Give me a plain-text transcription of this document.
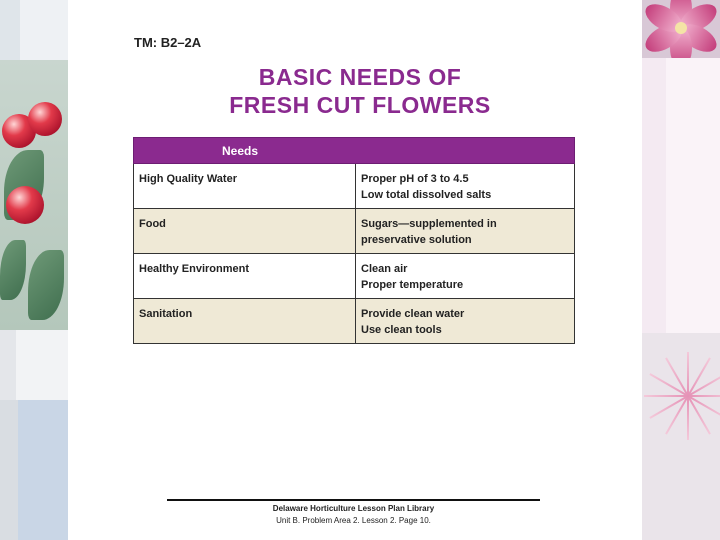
TM: B2–2A
BASIC NEEDS OF
FRESH CUT FLOWERS
Needs	
High Quality Water	Proper pH of 3 to 4.5
Low total dissolved salts

Food	Sugars—supplemented in
preservative solution

Healthy Environment	Clean air
Proper temperature

Sanitation	Provide clean water
Use clean tools
Delaware Horticulture Lesson Plan Library
Unit B. Problem Area 2. Lesson 2. Page 10.
